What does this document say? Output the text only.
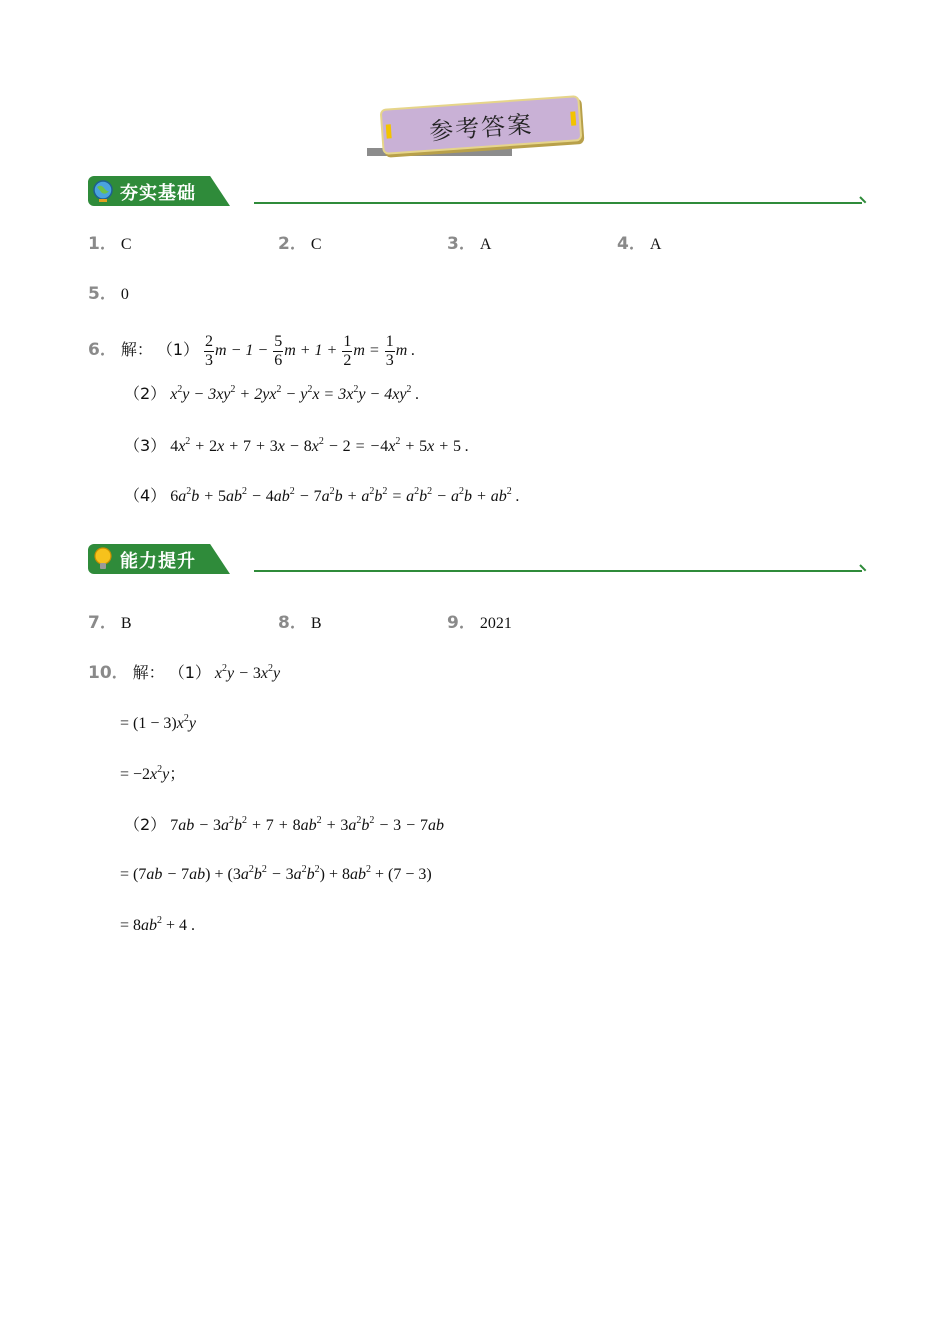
参考答案
夯实基础
1． C	2． C	3． A	4． A
5． 0
6． 解： $(1) \frac{2}{3}$ $m - 1 - \frac{5}{6}$ $m + 1 + \frac{1}{2}$ $m = \frac{1}{3}$ m .
（2） $x^2y - 3xy^2 + 2yx^2 - y^2x = 3x^2y - 4xy^2$ .
（3） $4x^2 + 2x + 7 + 3x - 8x^2 - 2 = -4x^2 + 5x + 5$ .
（4） $6a^2b + 5ab^2 - 4ab^2 - 7a^2b + a^2b^2 = a^2b^2 - a^2b + ab^2$ .
能力提升
7． B	8． B	9． 2021
10． 解： （1） $x^2y - 3x^2y$
= $(1 - 3)x^2y$
= $-2x^2y$；
（2） $7ab - 3a^2b^2 + 7 + 8ab^2 + 3a^2b^2 - 3 - 7ab$
= $(7ab - 7ab) + (3a^2b^2 - 3a^2b^2) + 8ab^2 + (7 - 3)$
= $8ab^2 + 4$ .
